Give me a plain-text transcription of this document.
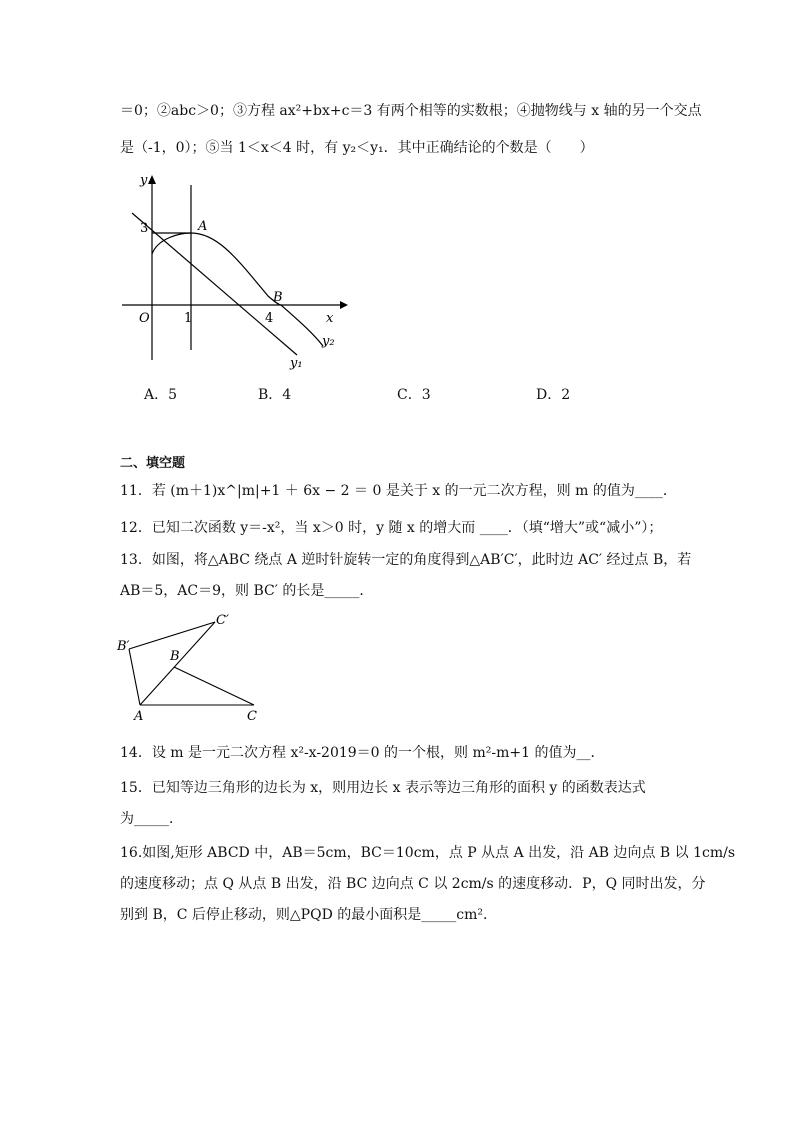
＝0；②abc＞0；③方程 ax²+bx+c＝3 有两个相等的实数根；④抛物线与 x 轴的另一个交点
是（-1，0）；⑤当 1＜x＜4 时，有 y₂＜y₁．其中正确结论的个数是（　　）
y
x
O
3
1	4
A
B
y₁
y₂
A．5	B．4	C．3	D．2
二、填空题
11．若 (m＋1)x^|m|+1 ＋ 6x − 2 ＝ 0 是关于 x 的一元二次方程，则 m 的值为____．
12．已知二次函数 y＝-x²，当 x＞0 时，y 随 x 的增大而 ____．（填“增大”或“减小”）；
13．如图，将△ABC 绕点 A 逆时针旋转一定的角度得到△AB′C′，此时边 AC′ 经过点 B，若
AB＝5，AC＝9，则 BC′ 的长是_____．
B′
C′
B
A	C
14．设 m 是一元二次方程 x²-x-2019＝0 的一个根，则 m²-m+1 的值为__．
15．已知等边三角形的边长为 x，则用边长 x 表示等边三角形的面积 y 的函数表达式
为_____．
16.如图,矩形 ABCD 中，AB＝5cm，BC＝10cm，点 P 从点 A 出发，沿 AB 边向点 B 以 1cm/s
的速度移动；点 Q 从点 B 出发，沿 BC 边向点 C 以 2cm/s 的速度移动．P，Q 同时出发，分
别到 B，C 后停止移动，则△PQD 的最小面积是_____cm²．
